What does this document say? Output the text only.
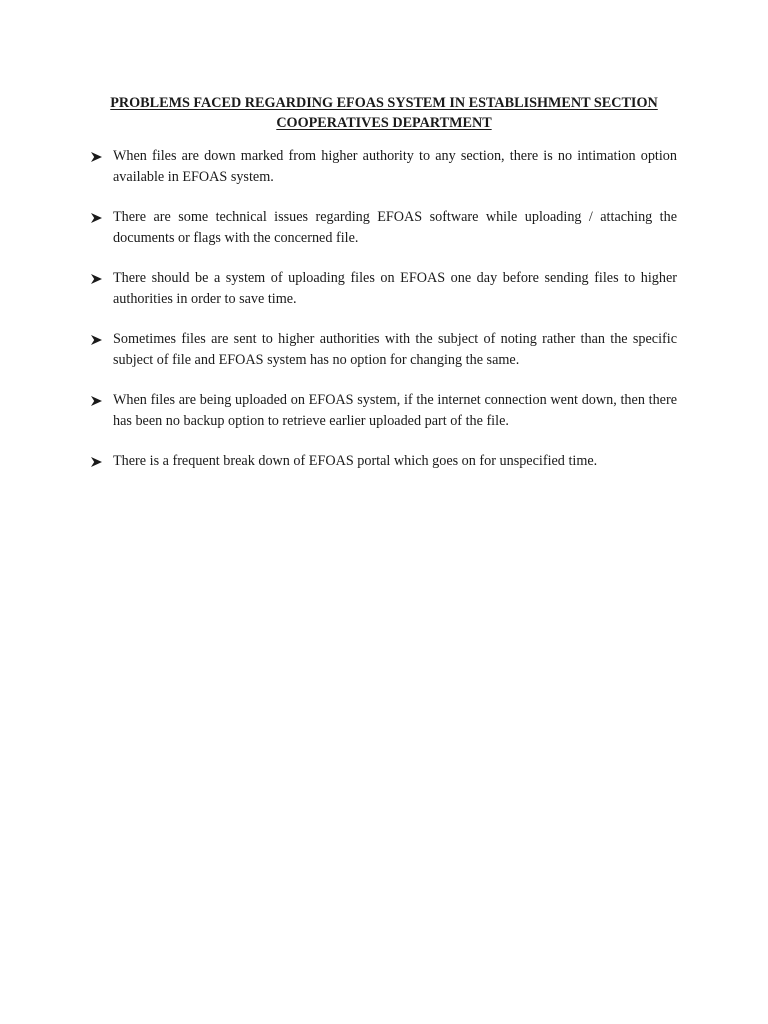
PROBLEMS FACED REGARDING EFOAS SYSTEM IN ESTABLISHMENT SECTION
COOPERATIVES DEPARTMENT
When files are down marked from higher authority to any section, there is no intimation option available in EFOAS system.
There are some technical issues regarding EFOAS software while uploading / attaching the documents or flags with the concerned file.
There should be a system of uploading files on EFOAS one day before sending files to higher authorities in order to save time.
Sometimes files are sent to higher authorities with the subject of noting rather than the specific subject of file and EFOAS system has no option for changing the same.
When files are being uploaded on EFOAS system, if the internet connection went down, then there has been no backup option to retrieve earlier uploaded part of the file.
There is a frequent break down of EFOAS portal which goes on for unspecified time.
